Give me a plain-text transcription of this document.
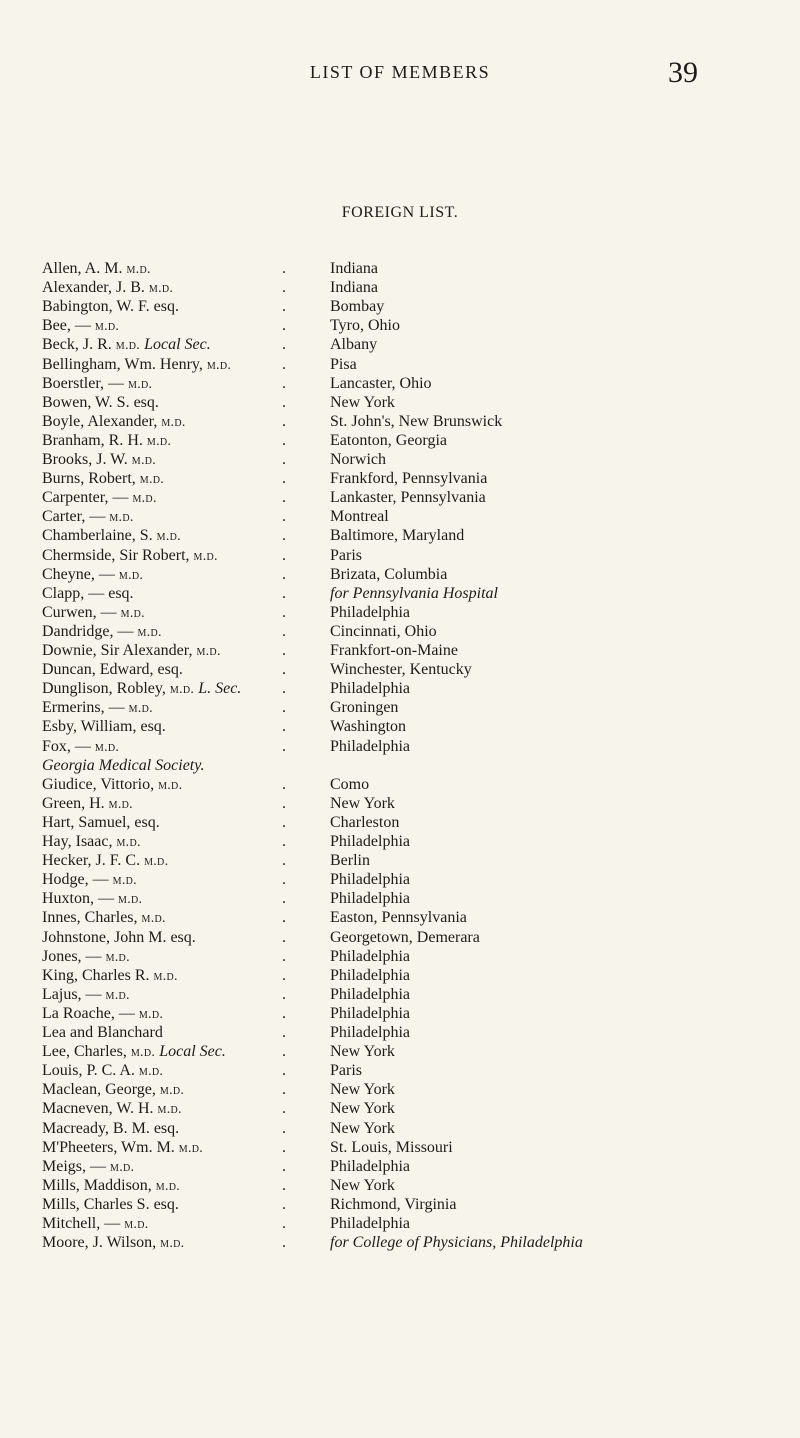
LIST OF MEMBERS	39
FOREIGN LIST.
Allen, A. M. m.d.	.	Indiana
Alexander, J. B. m.d.	.	Indiana
Babington, W. F. esq.	.	Bombay
Bee, — m.d.	.	Tyro, Ohio
Beck, J. R. m.d. Local Sec.	.	Albany
Bellingham, Wm. Henry, m.d.	.	Pisa
Boerstler, — m.d.	.	Lancaster, Ohio
Bowen, W. S. esq.	.	New York
Boyle, Alexander, m.d.	.	St. John's, New Brunswick
Branham, R. H. m.d.	.	Eatonton, Georgia
Brooks, J. W. m.d.	.	Norwich
Burns, Robert, m.d.	.	Frankford, Pennsylvania
Carpenter, — m.d.	.	Lankaster, Pennsylvania
Carter, — m.d.	.	Montreal
Chamberlaine, S. m.d.	.	Baltimore, Maryland
Chermside, Sir Robert, m.d.	.	Paris
Cheyne, — m.d.	.	Brizata, Columbia
Clapp, — esq.	.	for Pennsylvania Hospital
Curwen, — m.d.	.	Philadelphia
Dandridge, — m.d.	.	Cincinnati, Ohio
Downie, Sir Alexander, m.d.	.	Frankfort-on-Maine
Duncan, Edward, esq.	.	Winchester, Kentucky
Dunglison, Robley, m.d. L. Sec.	.	Philadelphia
Ermerins, — m.d.	.	Groningen
Esby, William, esq.	.	Washington
Fox, — m.d.	.	Philadelphia
Georgia Medical Society.
Giudice, Vittorio, m.d.	.	Como
Green, H. m.d.	.	New York
Hart, Samuel, esq.	.	Charleston
Hay, Isaac, m.d.	.	Philadelphia
Hecker, J. F. C. m.d.	.	Berlin
Hodge, — m.d.	.	Philadelphia
Huxton, — m.d.	.	Philadelphia
Innes, Charles, m.d.	.	Easton, Pennsylvania
Johnstone, John M. esq.	.	Georgetown, Demerara
Jones, — m.d.	.	Philadelphia
King, Charles R. m.d.	.	Philadelphia
Lajus, — m.d.	.	Philadelphia
La Roache, — m.d.	.	Philadelphia
Lea and Blanchard	.	Philadelphia
Lee, Charles, m.d. Local Sec.	.	New York
Louis, P. C. A. m.d.	.	Paris
Maclean, George, m.d.	.	New York
Macneven, W. H. m.d.	.	New York
Macready, B. M. esq.	.	New York
M'Pheeters, Wm. M. m.d.	.	St. Louis, Missouri
Meigs, — m.d.	.	Philadelphia
Mills, Maddison, m.d.	.	New York
Mills, Charles S. esq.	.	Richmond, Virginia
Mitchell, — m.d.	.	Philadelphia
Moore, J. Wilson, m.d.	.	for College of Physicians, Philadelphia
